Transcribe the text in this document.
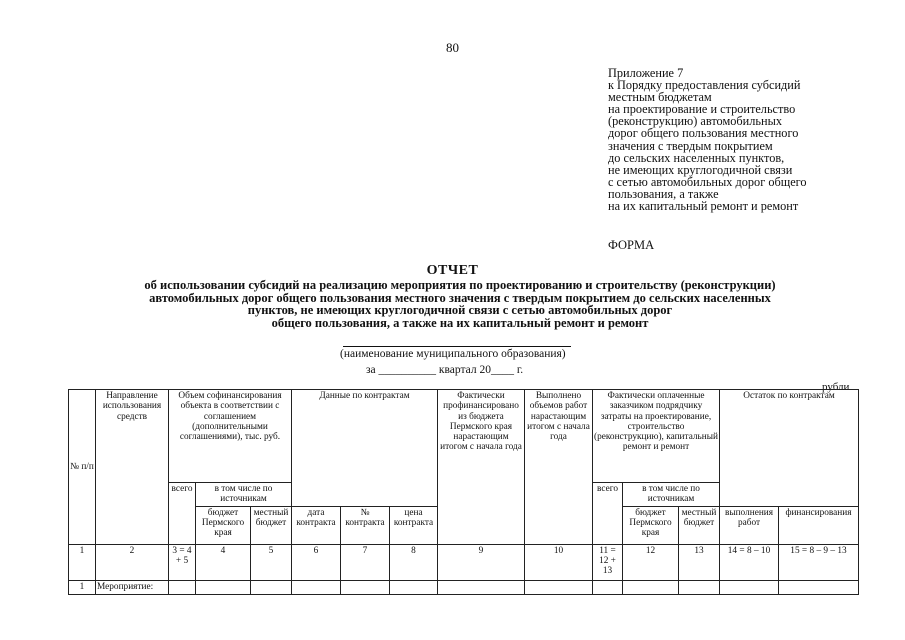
80
Приложение 7
к Порядку предоставления субсидий
местным бюджетам
на проектирование и строительство
(реконструкцию) автомобильных
дорог общего пользования местного
значения с твердым покрытием
до сельских населенных пунктов,
не имеющих круглогодичной связи
с сетью автомобильных дорог общего
пользования, а также
на их капитальный ремонт и ремонт
ФОРМА
ОТЧЕТ
об использовании субсидий на реализацию мероприятия по проектированию и строительству (реконструкции)
автомобильных дорог общего пользования местного значения с твердым покрытием до сельских населенных
пунктов, не имеющих круглогодичной связи с сетью автомобильных дорог
общего пользования, а также на их капитальный ремонт и ремонт
(наименование муниципального образования)
за __________ квартал 20____ г.
рубли
№ п/п	Направление использования средств	Объем софинансирования объекта в соответствии с соглашением (дополнительными соглашениями), тыс. руб.			Данные по контрактам			Фактически профинансировано из бюджета Пермского края нарастающим итогом с начала года	Выполнено объемов работ нарастающим итогом с начала года	Фактически оплаченные заказчиком подрядчику затраты на проектирование, строительство (реконструкцию), капитальный ремонт и ремонт			Остаток по контрактам	
		всего	в том числе по источникам							всего	в том числе по источникам			
			бюджет Пермского края	местный бюджет	дата контракта	№ контракта	цена контракта				бюджет Пермского края	местный бюджет	выполнения работ	финансирования
1	2	3 = 4 + 5	4	5	6	7	8	9	10	11 = 12 + 13	12	13	14 = 8 – 10	15 = 8 – 9 – 13
1	Мероприятие:													
